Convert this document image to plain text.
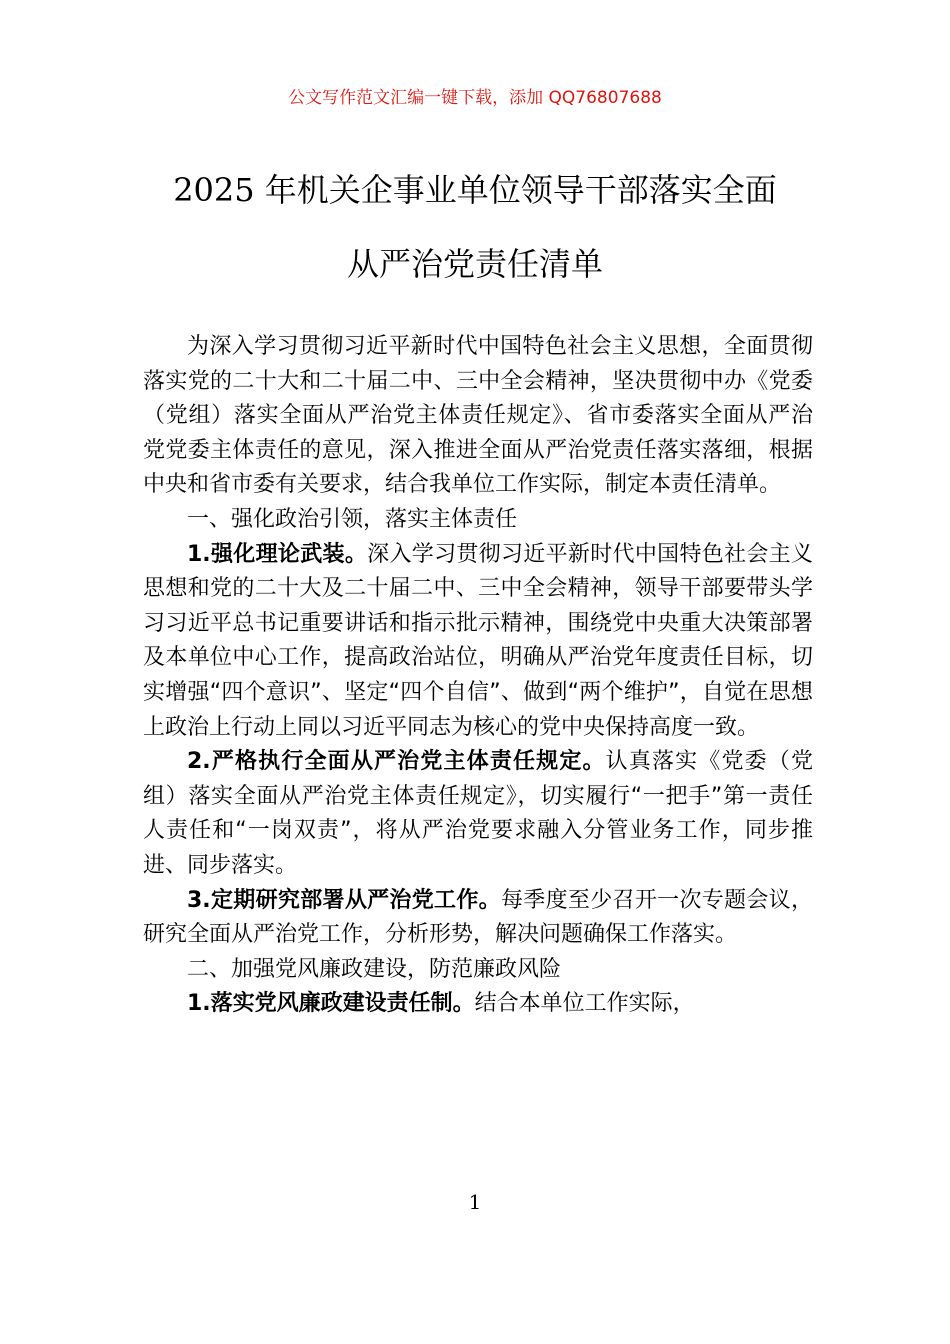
公文写作范文汇编一键下载，添加 QQ76807688
2025 年机关企事业单位领导干部落实全面
从严治党责任清单

为深入学习贯彻习近平新时代中国特色社会主义思想，全面贯彻落实党的二十大和二十届二中、三中全会精神，坚决贯彻中办《党委（党组）落实全面从严治党主体责任规定》、省市委落实全面从严治党党委主体责任的意见，深入推进全面从严治党责任落实落细，根据中央和省市委有关要求，结合我单位工作实际，制定本责任清单。

一、强化政治引领，落实主体责任

1.强化理论武装。深入学习贯彻习近平新时代中国特色社会主义思想和党的二十大及二十届二中、三中全会精神，领导干部要带头学习习近平总书记重要讲话和指示批示精神，围绕党中央重大决策部署及本单位中心工作，提高政治站位，明确从严治党年度责任目标，切实增强“四个意识”、坚定“四个自信”、做到“两个维护”，自觉在思想上政治上行动上同以习近平同志为核心的党中央保持高度一致。

2.严格执行全面从严治党主体责任规定。认真落实《党委（党组）落实全面从严治党主体责任规定》，切实履行“一把手”第一责任人责任和“一岗双责”，将从严治党要求融入分管业务工作，同步推进、同步落实。

3.定期研究部署从严治党工作。每季度至少召开一次专题会议，研究全面从严治党工作，分析形势，解决问题确保工作落实。

二、加强党风廉政建设，防范廉政风险

1.落实党风廉政建设责任制。结合本单位工作实际，

1
